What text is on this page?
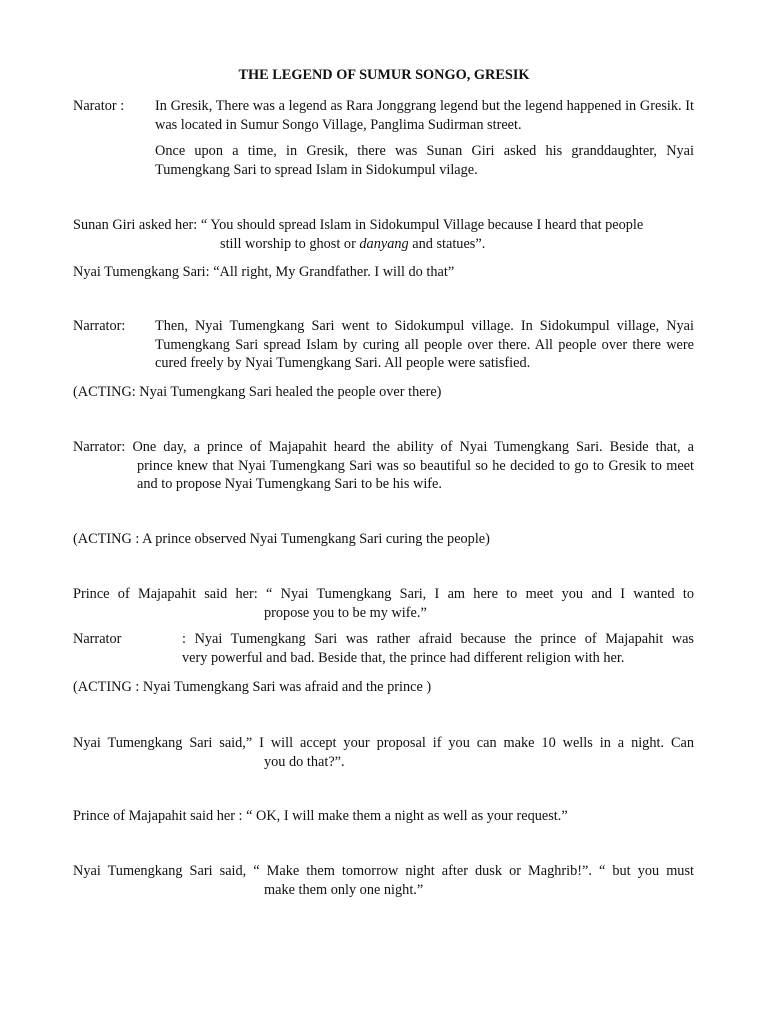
THE LEGEND OF SUMUR SONGO, GRESIK
Narator : In Gresik, There was a legend as Rara Jonggrang legend but the legend happened in Gresik. It was located in Sumur Songo Village, Panglima Sudirman street.

Once upon a time, in Gresik, there was Sunan Giri asked his granddaughter, Nyai Tumengkang Sari to spread Islam in Sidokumpul vilage.

Sunan Giri asked her: “ You should spread Islam in Sidokumpul Village because I heard that people
still worship to ghost or danyang and statues”.
Nyai Tumengkang Sari: “All right, My Grandfather. I will do that”
Narrator: Then, Nyai Tumengkang Sari went to Sidokumpul village. In Sidokumpul village, Nyai Tumengkang Sari spread Islam by curing all people over there. All people over there were cured freely by Nyai Tumengkang Sari. All people were satisfied.

(ACTING: Nyai Tumengkang Sari healed the people over there)
Narrator: One day, a prince of Majapahit heard the ability of Nyai Tumengkang Sari. Beside that, a

prince knew that Nyai Tumengkang Sari was so beautiful so he decided to go to Gresik to meet and to propose Nyai Tumengkang Sari to be his wife.

(ACTING : A prince observed Nyai Tumengkang Sari curing the people)
Prince of Majapahit said her: “ Nyai Tumengkang Sari, I am here to meet you and I wanted to
propose you to be my wife.”
Narrator	: Nyai Tumengkang Sari was rather afraid because the prince of Majapahit was
very powerful and bad. Beside that, the prince had different religion with her.
(ACTING : Nyai Tumengkang Sari was afraid and the prince )
Nyai Tumengkang Sari said,” I will accept your proposal if you can make 10 wells in a night. Can
you do that?”.
Prince of Majapahit said her : “ OK, I will make them a night as well as your request.”
Nyai Tumengkang Sari said, “ Make them tomorrow night after dusk or Maghrib!”. “ but you must
make them only one night.”
